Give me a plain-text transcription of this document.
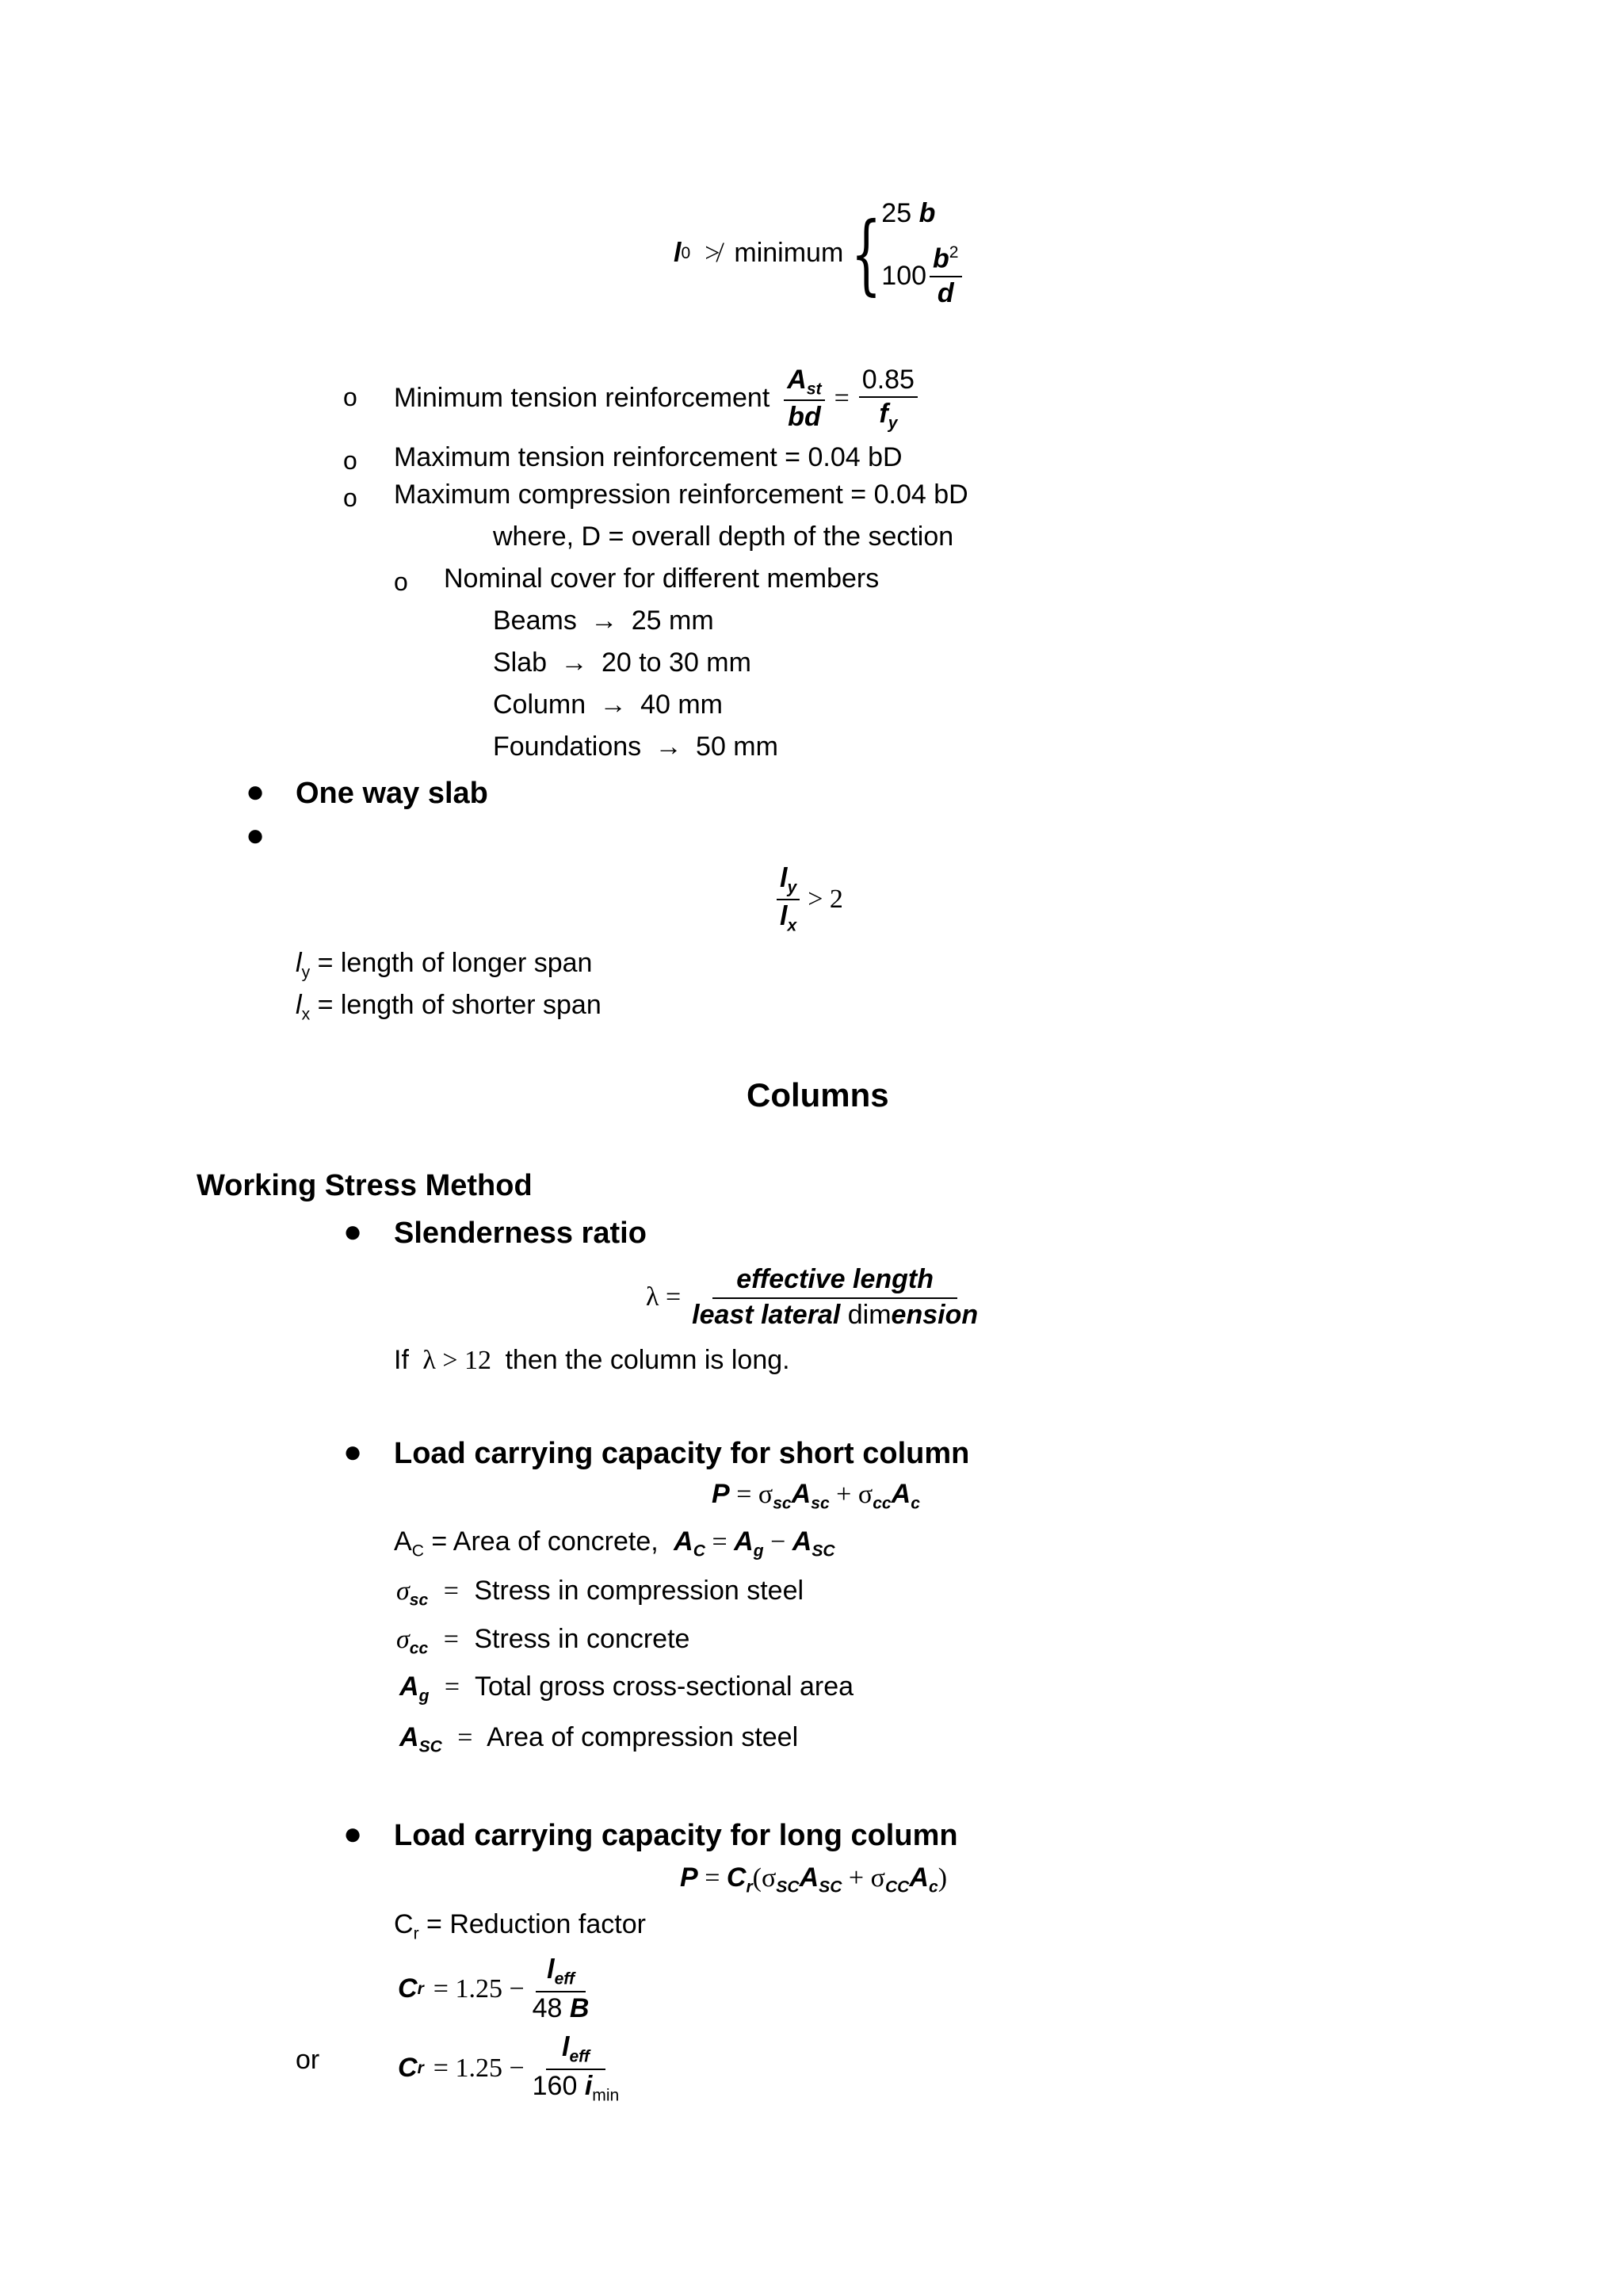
l 0 ≯ minimum { 25 b
$100 \frac{b^2}{d}$
o Minimum tension reinforcement $\frac{A_{st}}{bd} = \frac{0.85}{f_y}$
o Maximum tension reinforcement = 0.04 bD
o Maximum compression reinforcement = 0.04 bD
where, D = overall depth of the section
o Nominal cover for different members
Beams → 25 mm
Slab → 20 to 30 mm
Column → 40 mm
Foundations → 50 mm
● One way slab
●
$\frac{l_y}{l_x} > 2$
$l_y$ = length of longer span
$l_x$ = length of shorter span
Columns
Working Stress Method
● Slenderness ratio
$\lambda = \frac{\text{effective length}}{\text{least lateral dimension}}$
If λ > 12 then the column is long.
● Load carrying capacity for short column
$P = \sigma_{sc}A_{sc} + \sigma_{cc}A_c$
$A_C$ = Area of concrete, $A_C = A_g - A_{SC}$
$\sigma_{sc}$ = Stress in compression steel
$\sigma_{cc}$ = Stress in concrete
$A_g$ = Total gross cross-sectional area
$A_{SC}$ = Area of compression steel
● Load carrying capacity for long column
$P = C_r(\sigma_{SC}A_{SC} + \sigma_{CC}A_c)$
$C_r$ = Reduction factor
C $r = 1.25 - \frac{l_{eff}}{48 B}$
or	C $r = 1.25 - \frac{l_{eff}}{160 i_{min}}$
